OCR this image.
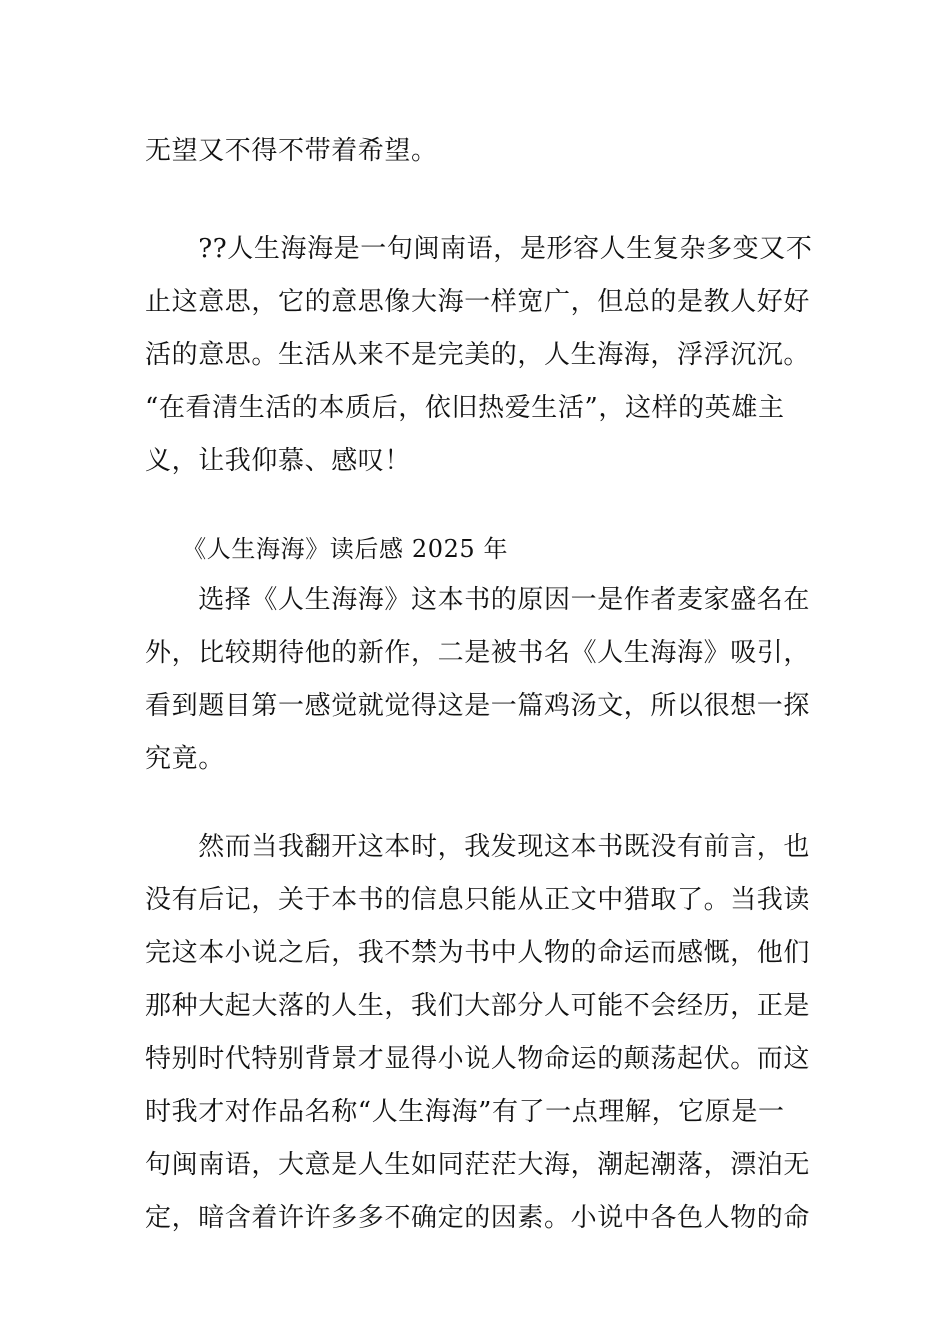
无望又不得不带着希望。
　　??人生海海是一句闽南语，是形容人生复杂多变又不
止这意思，它的意思像大海一样宽广，但总的是教人好好
活的意思。生活从来不是完美的，人生海海，浮浮沉沉。
“在看清生活的本质后，依旧热爱生活”，这样的英雄主
义，让我仰慕、感叹！
　　《人生海海》读后感 2025 年
　　选择《人生海海》这本书的原因一是作者麦家盛名在
外，比较期待他的新作，二是被书名《人生海海》吸引，
看到题目第一感觉就觉得这是一篇鸡汤文，所以很想一探
究竟。
　　然而当我翻开这本时，我发现这本书既没有前言，也
没有后记，关于本书的信息只能从正文中猎取了。当我读
完这本小说之后，我不禁为书中人物的命运而感慨，他们
那种大起大落的人生，我们大部分人可能不会经历，正是
特别时代特别背景才显得小说人物命运的颠荡起伏。而这
时我才对作品名称“人生海海”有了一点理解，它原是一
句闽南语，大意是人生如同茫茫大海，潮起潮落，漂泊无
定，暗含着许许多多不确定的因素。小说中各色人物的命
